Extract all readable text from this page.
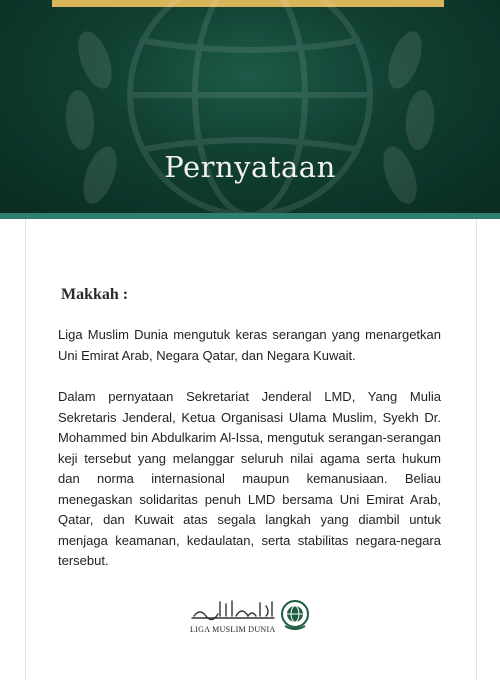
Pernyataan
Makkah :

Liga Muslim Dunia mengutuk keras serangan yang menargetkan Uni Emirat Arab, Negara Qatar, dan Negara Kuwait.

Dalam pernyataan Sekretariat Jenderal LMD, Yang Mulia Sekretaris Jenderal, Ketua Organisasi Ulama Muslim, Syekh Dr. Mohammed bin Abdulkarim Al-Issa, mengutuk serangan-serangan keji tersebut yang melanggar seluruh nilai agama serta hukum dan norma internasional maupun kemanusiaan. Beliau menegaskan solidaritas penuh LMD bersama Uni Emirat Arab, Qatar, dan Kuwait atas segala langkah yang diambil untuk menjaga keamanan, kedaulatan, serta stabilitas negara-negara tersebut.

LIGA MUSLIM DUNIA
